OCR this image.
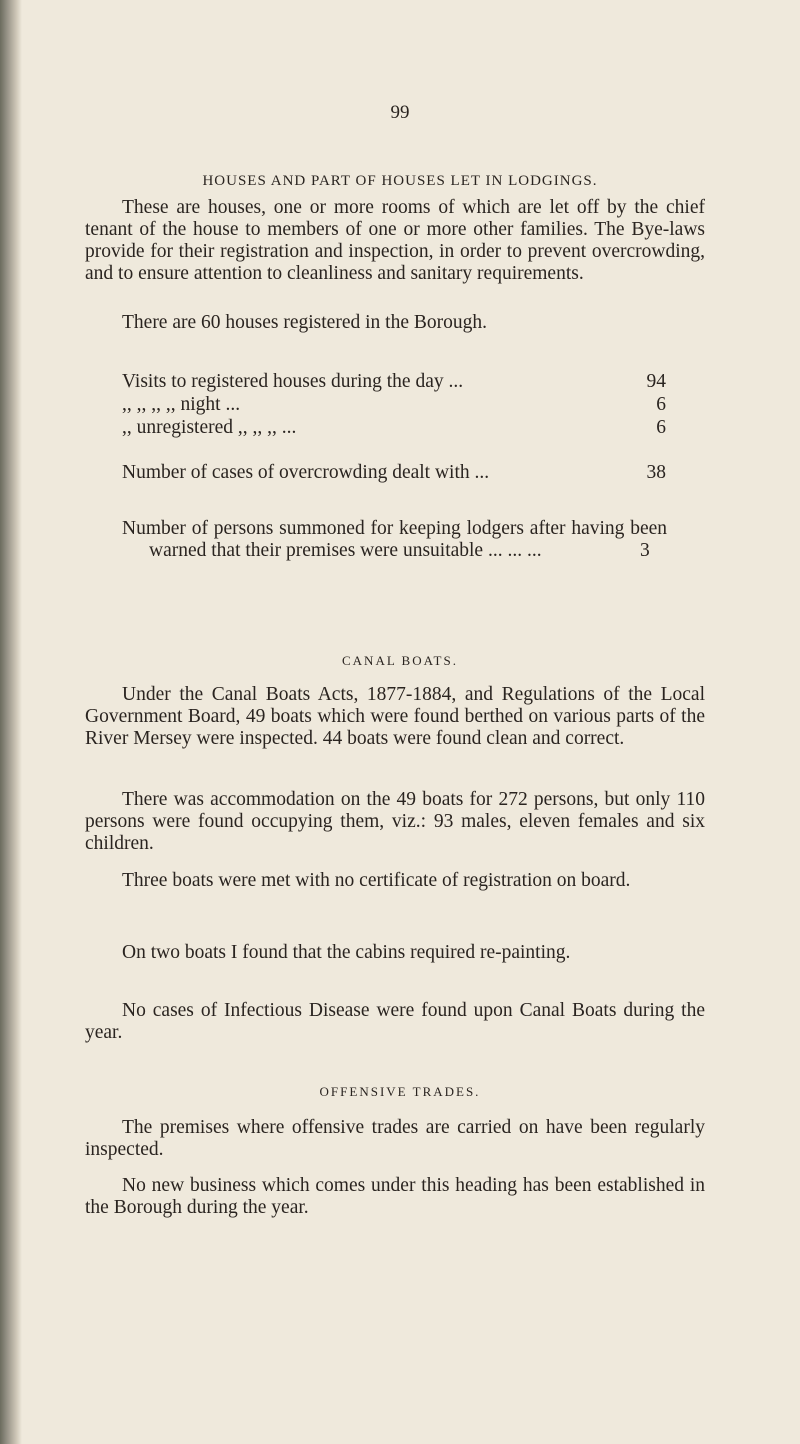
99
HOUSES AND PART OF HOUSES LET IN LODGINGS.

These are houses, one or more rooms of which are let off by the chief tenant of the house to members of one or more other families. The Bye-laws provide for their registration and inspection, in order to prevent overcrowding, and to ensure attention to cleanliness and sanitary requirements.

There are 60 houses registered in the Borough.

Visits to registered houses during the day ...	94
,, ,, ,, ,, night ...	6
,, unregistered ,, ,, ,, ...	6
Number of cases of overcrowding dealt with ...	38
Number of persons summoned for keeping lodgers after having been warned that their premises were unsuitable ... ... ...	3
CANAL BOATS.

Under the Canal Boats Acts, 1877-1884, and Regulations of the Local Government Board, 49 boats which were found berthed on various parts of the River Mersey were inspected. 44 boats were found clean and correct.

There was accommodation on the 49 boats for 272 persons, but only 110 persons were found occupying them, viz.: 93 males, eleven females and six children.

Three boats were met with no certificate of registration on board.

On two boats I found that the cabins required re-painting.

No cases of Infectious Disease were found upon Canal Boats during the year.

OFFENSIVE TRADES.

The premises where offensive trades are carried on have been regularly inspected.

No new business which comes under this heading has been established in the Borough during the year.
